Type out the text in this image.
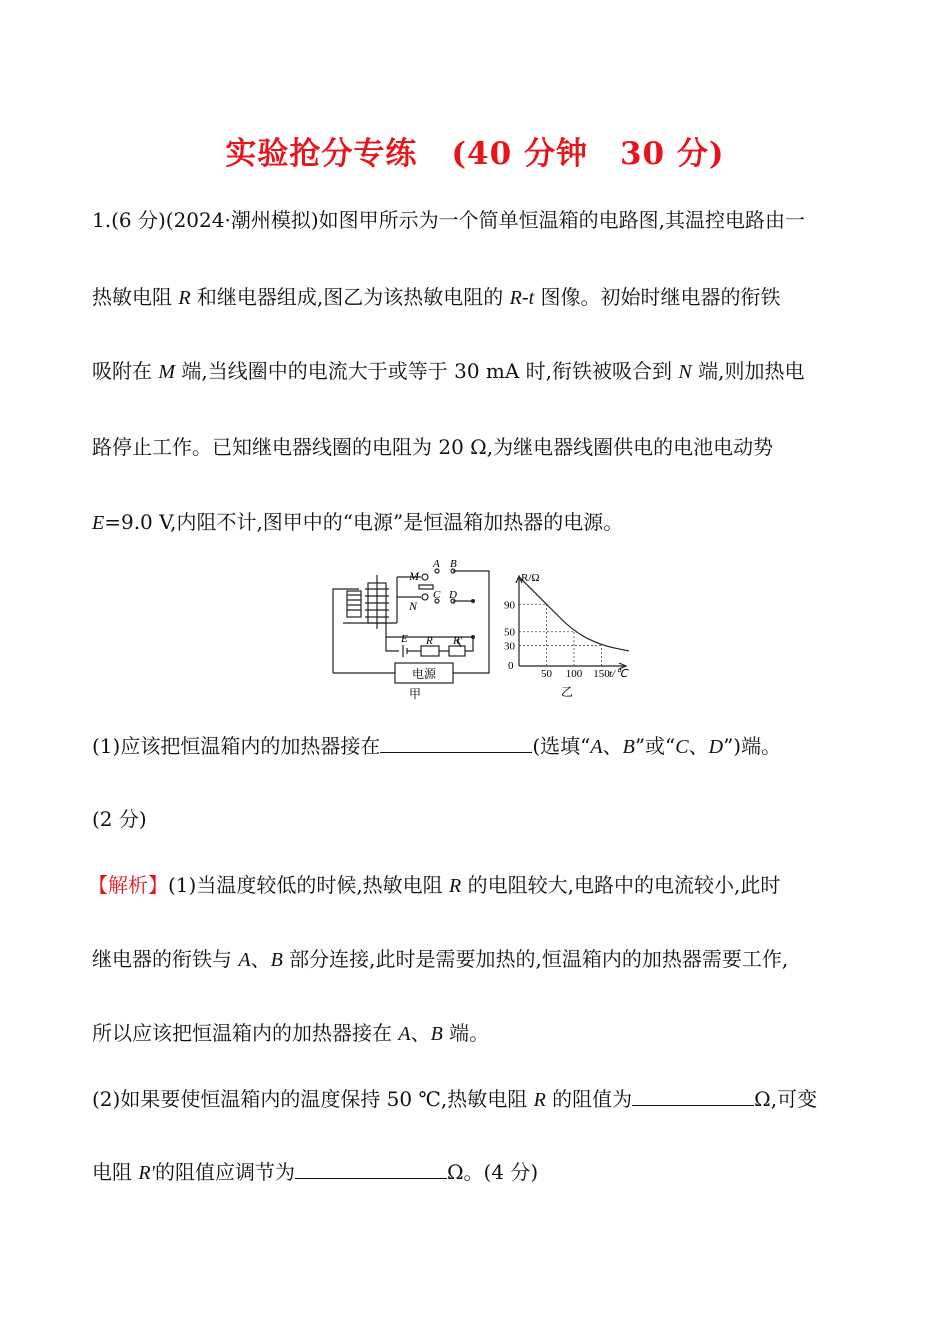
实验抢分专练 (40 分钟　30 分)
1.(6 分)(2024·潮州模拟)如图甲所示为一个简单恒温箱的电路图,其温控电路由一
热敏电阻 R 和继电器组成,图乙为该热敏电阻的 R-t 图像。初始时继电器的衔铁
吸附在 M 端,当线圈中的电流大于或等于 30 mA 时,衔铁被吸合到 N 端,则加热电
路停止工作。已知继电器线圈的电阻为 20 Ω,为继电器线圈供电的电池电动势
E=9.0 V,内阻不计,图甲中的“电源”是恒温箱加热器的电源。
M
N
A B
C D
E R R′
电源
甲
50 100 150
90
50
30
R/Ω
t/℃
0
乙
(1)应该把恒温箱内的加热器接在	(选填“A、B”或“C、D”)端。
(2 分)
【解析】(1)当温度较低的时候,热敏电阻 R 的电阻较大,电路中的电流较小,此时
继电器的衔铁与 A、B 部分连接,此时是需要加热的,恒温箱内的加热器需要工作,
所以应该把恒温箱内的加热器接在 A、B 端。
(2)如果要使恒温箱内的温度保持 50 ℃,热敏电阻 R 的阻值为	Ω,可变
电阻 R′的阻值应调节为	Ω。(4 分)
